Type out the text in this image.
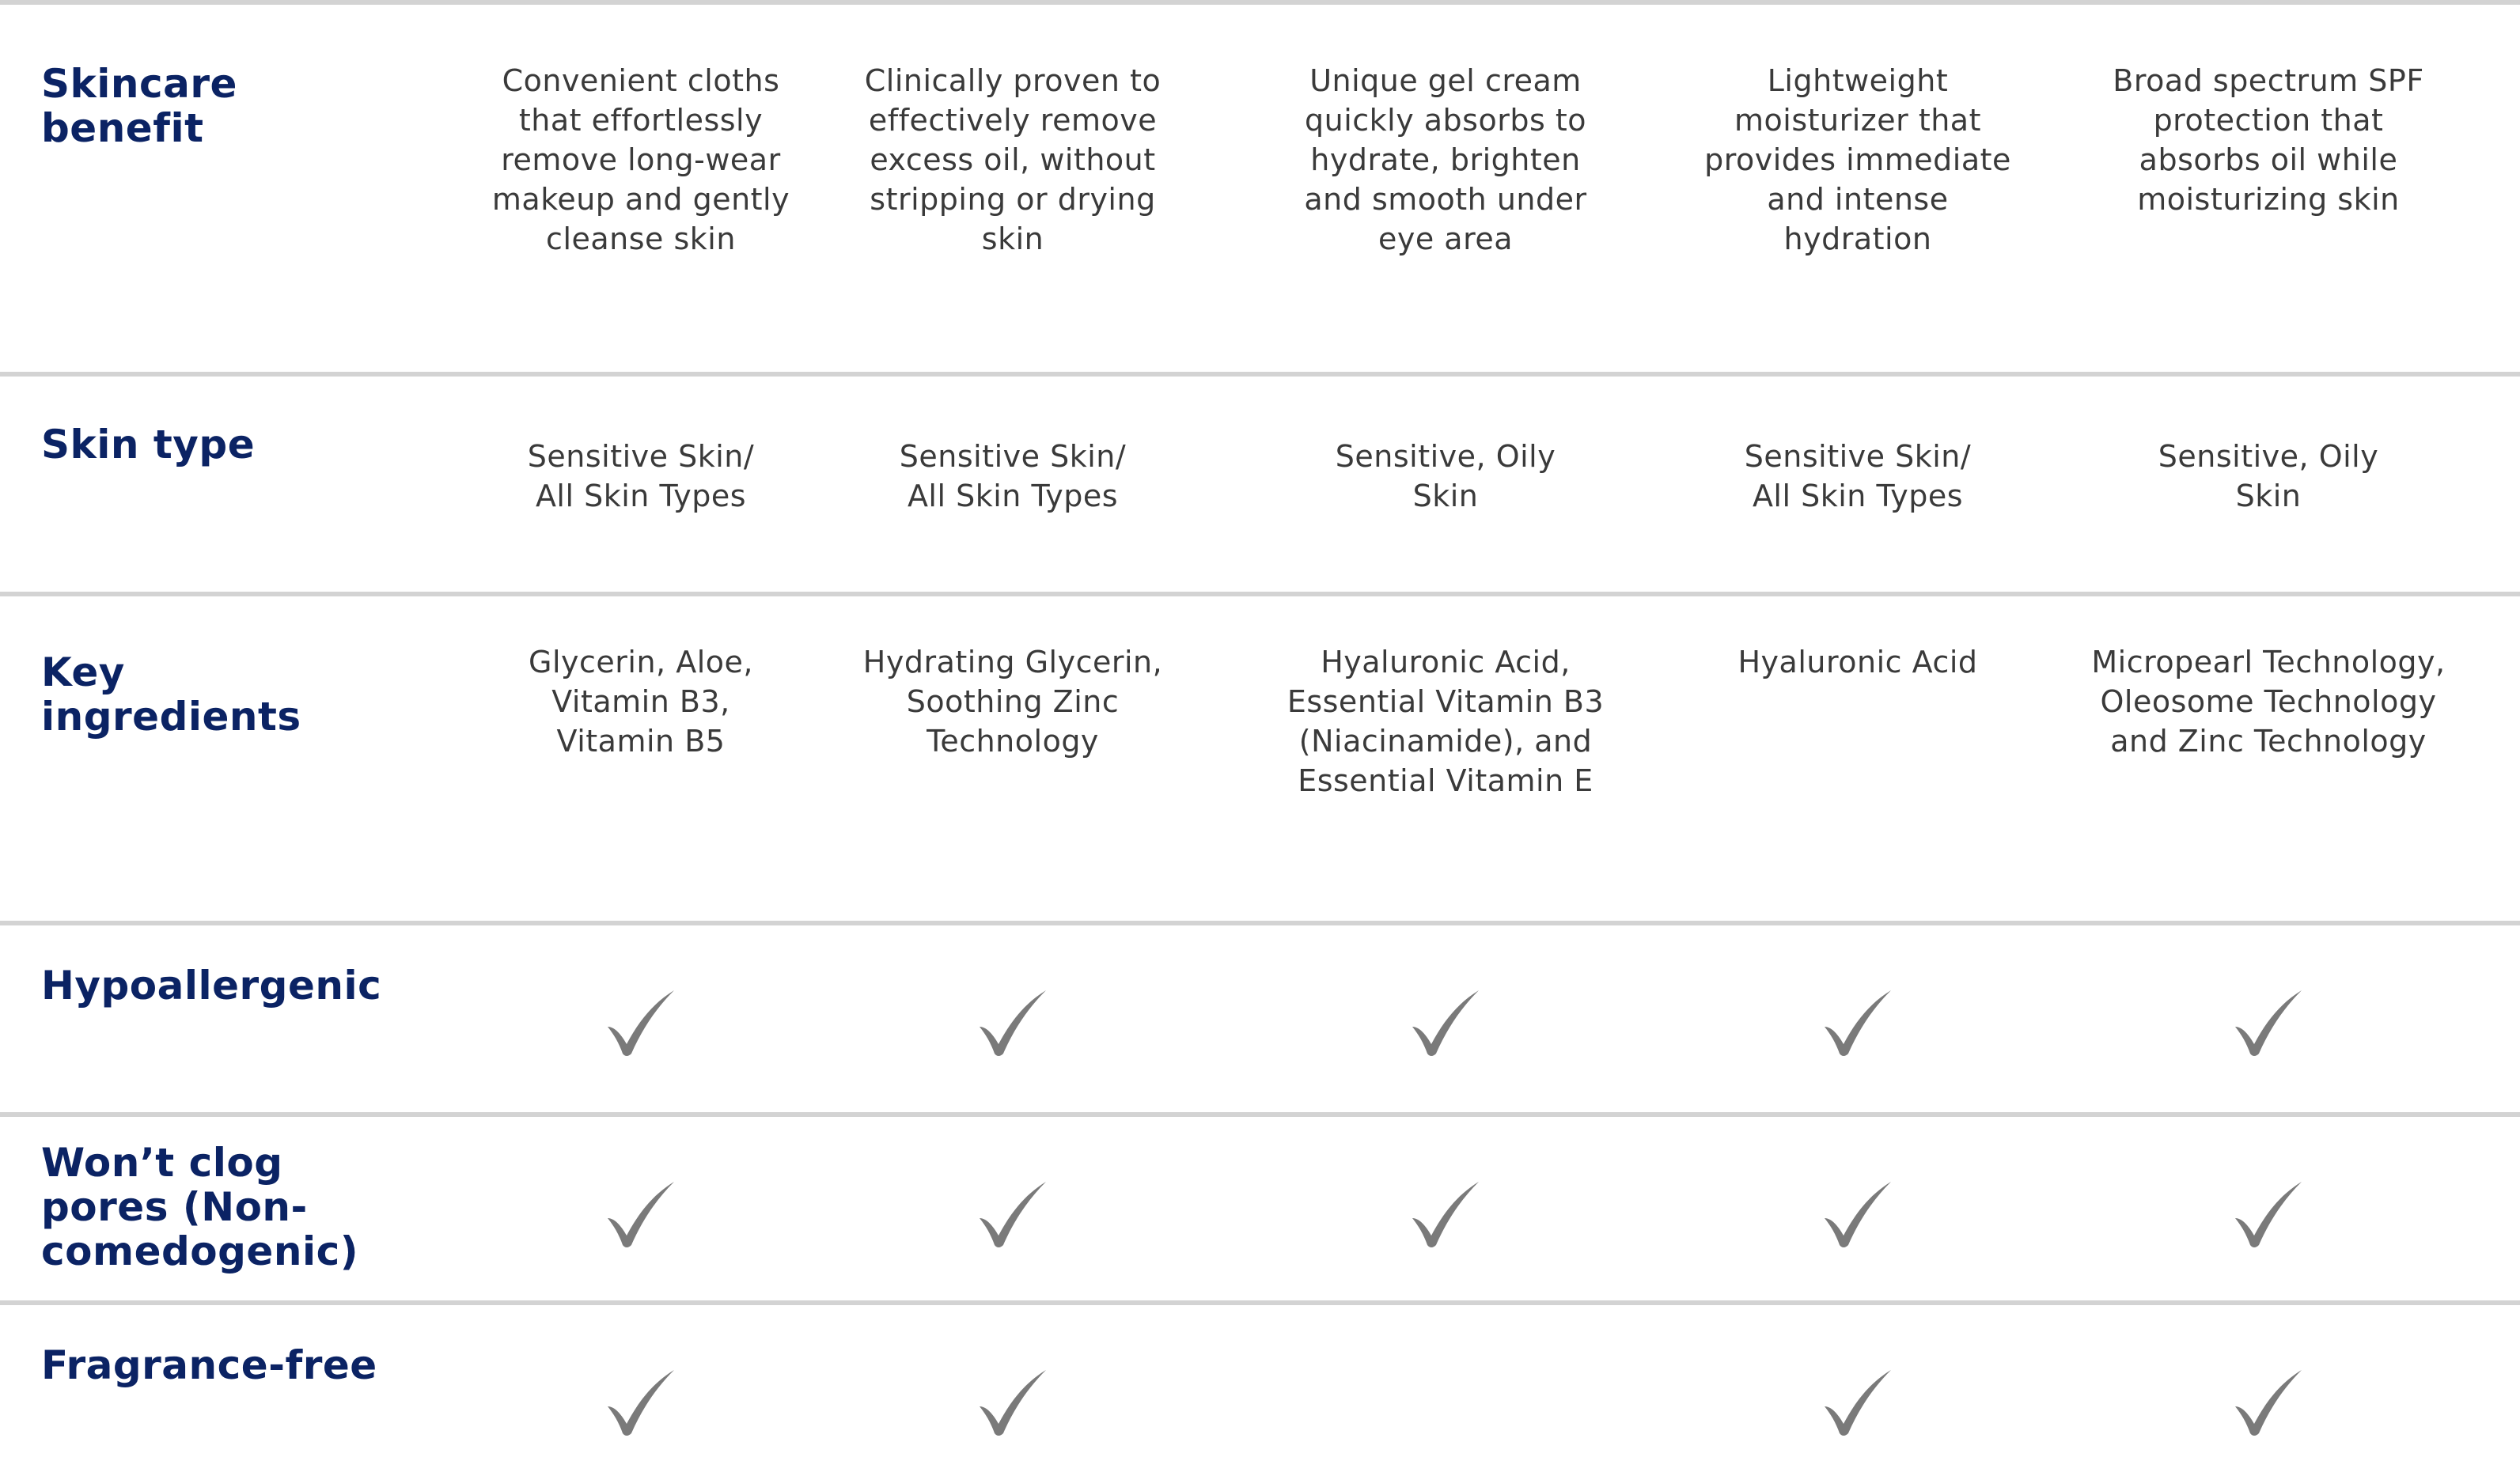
Skincare benefit
Convenient cloths that effortlessly remove long-wear makeup and gently cleanse skin
Clinically proven to effectively remove excess oil, without stripping or drying skin
Unique gel cream quickly absorbs to hydrate, brighten and smooth under eye area
Lightweight moisturizer that provides immediate and intense hydration
Broad spectrum SPF protection that absorbs oil while moisturizing skin
Skin type	Sensitive Skin/ All Skin Types
Sensitive Skin/ All Skin Types
Sensitive, Oily Skin
Sensitive Skin/ All Skin Types
Sensitive, Oily Skin
Key ingredients
Glycerin, Aloe, Vitamin B3, Vitamin B5
Hydrating Glycerin, Soothing Zinc Technology
Hyaluronic Acid, Essential Vitamin B3 (Niacinamide), and Essential Vitamin E
Hyaluronic Acid	Micropearl Technology, Oleosome Technology and Zinc Technology
Hypoallergenic
Won’t clog pores (Non-comedogenic)
Fragrance-free
